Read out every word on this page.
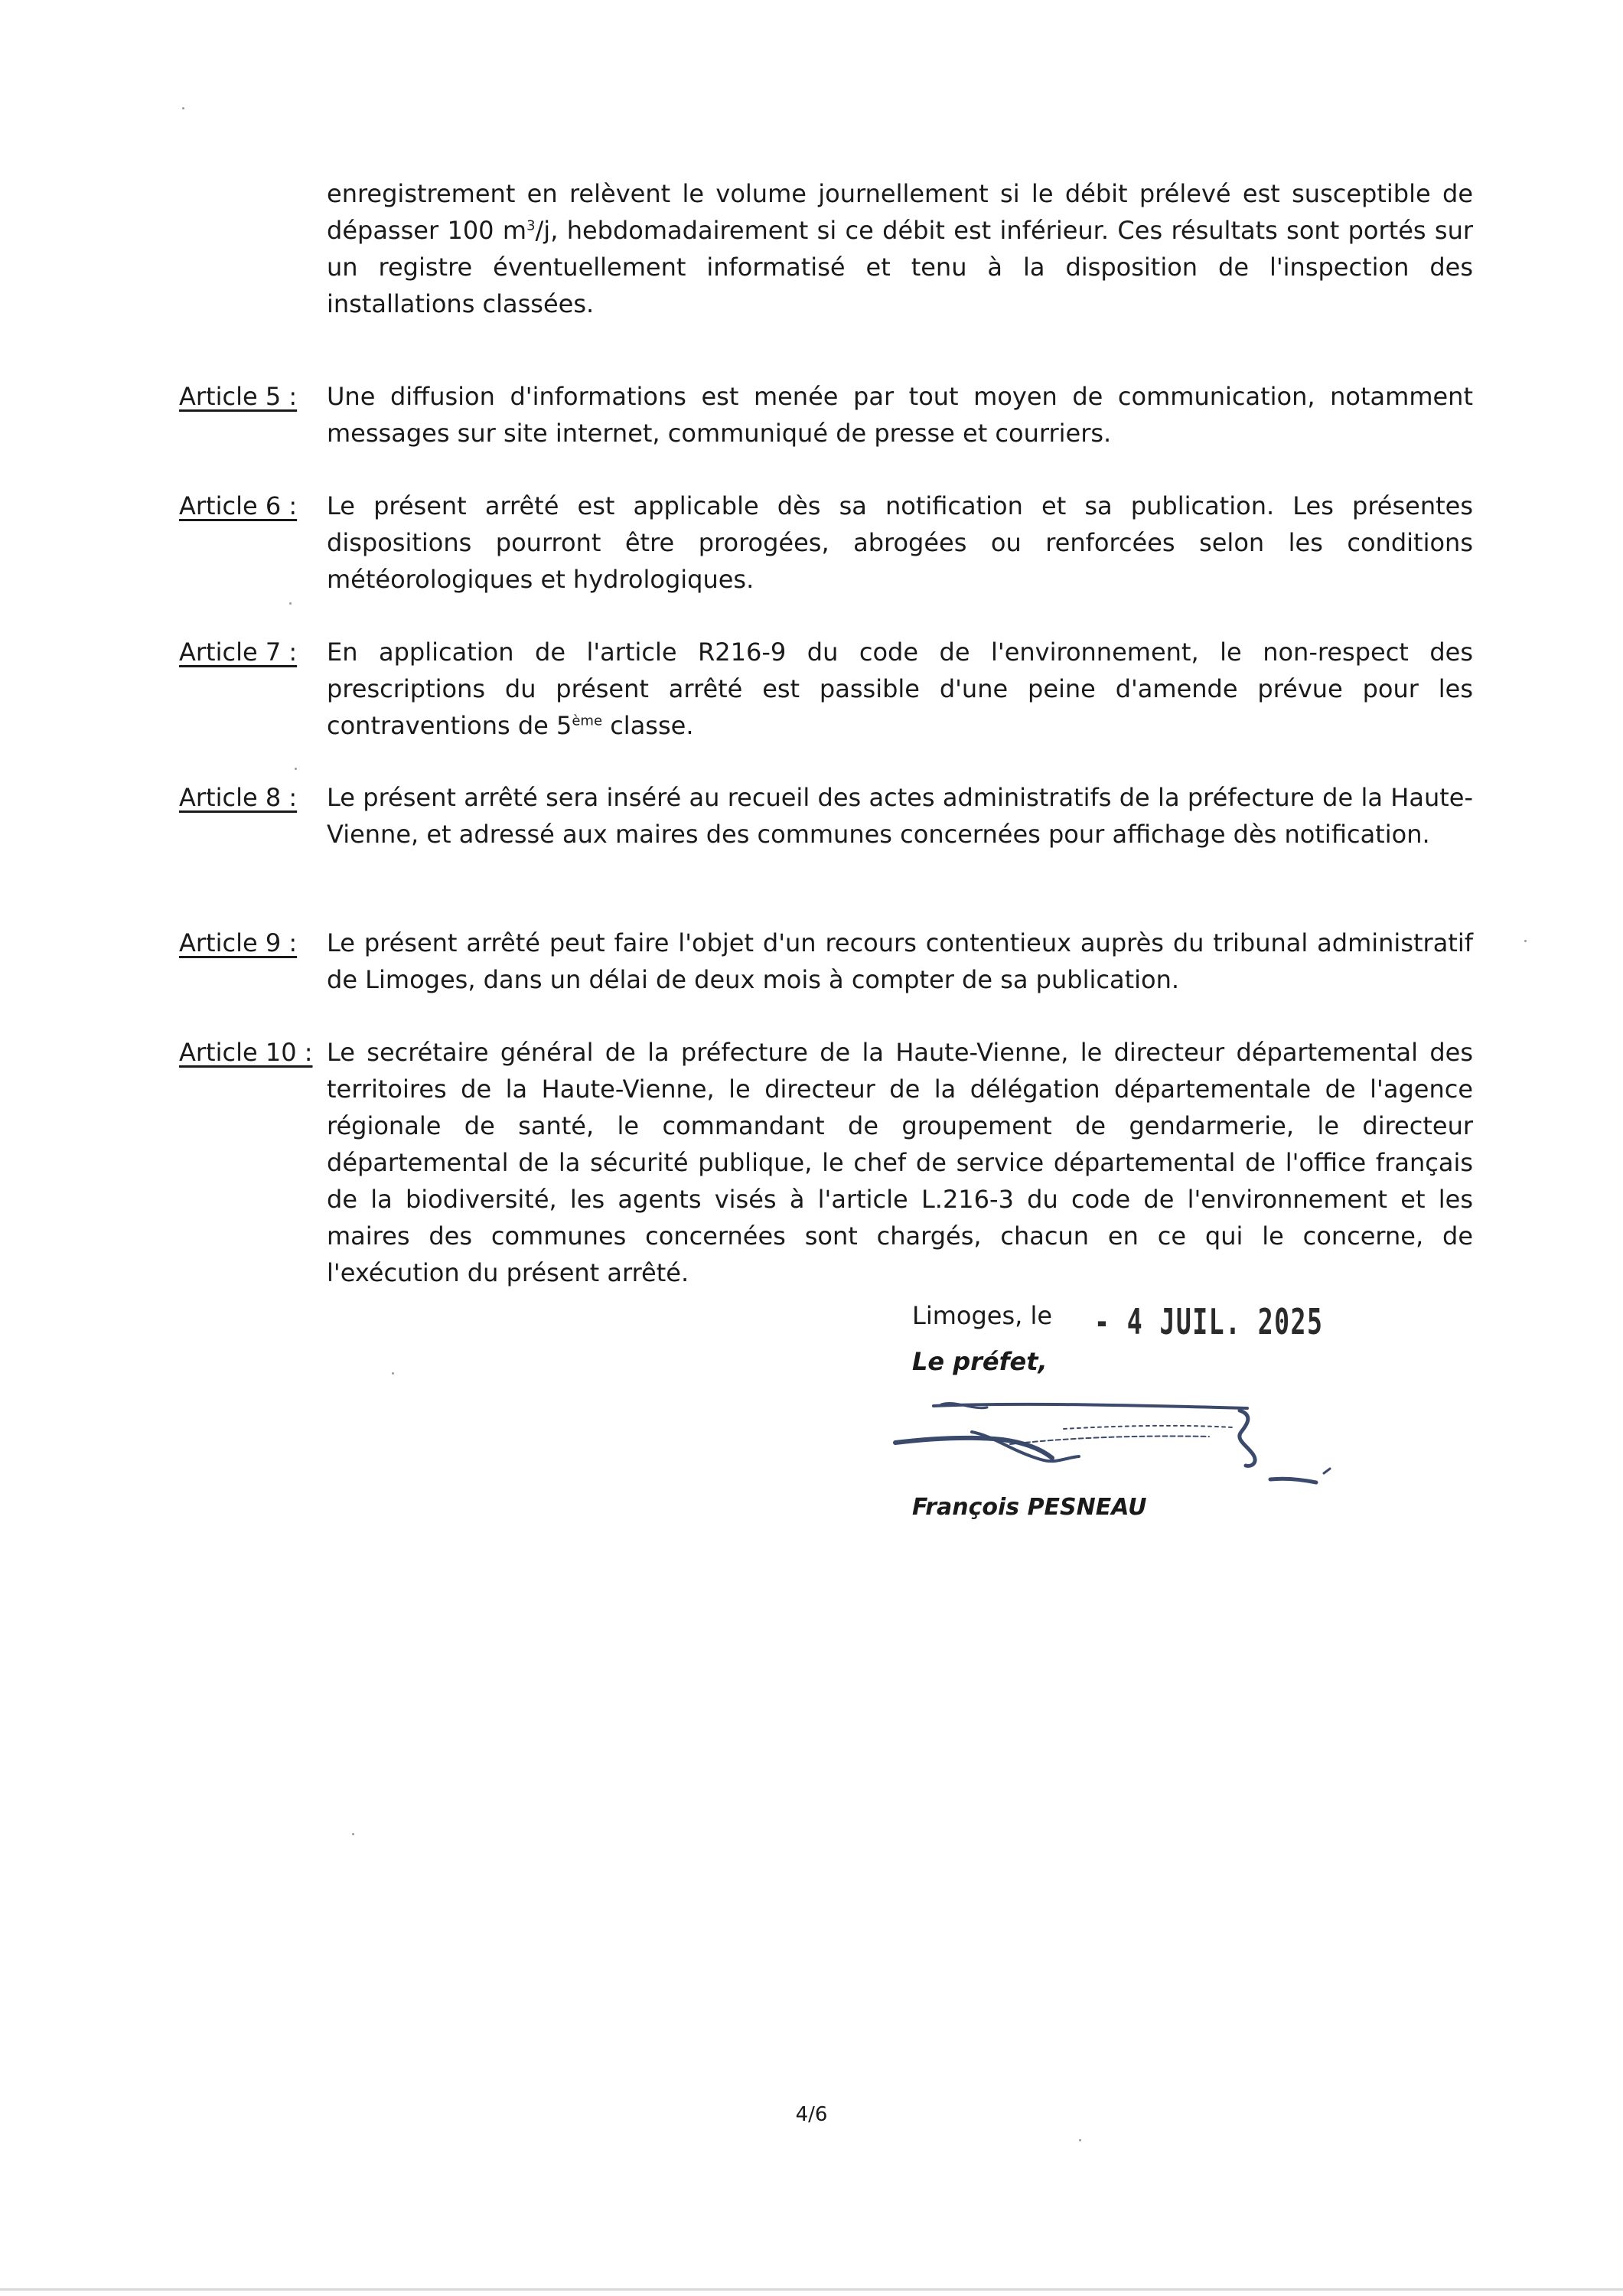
enregistrement en relèvent le volume journellement si le débit prélevé est susceptible de dépasser 100 $m^3/j$, hebdomadairement si ce débit est inférieur. Ces résultats sont portés sur un registre éventuellement informatisé et tenu à la disposition de l'inspection des installations classées.

Article 5 : Une diffusion d'informations est menée par tout moyen de communication, notamment messages sur site internet, communiqué de presse et courriers.

Article 6 : Le présent arrêté est applicable dès sa notification et sa publication. Les présentes dispositions pourront être prorogées, abrogées ou renforcées selon les conditions météorologiques et hydrologiques.

Article 7 : En application de l'article R216-9 du code de l'environnement, le non-respect des prescriptions du présent arrêté est passible d'une peine d'amende prévue pour les contraventions de 5ème classe.

Article 8 : Le présent arrêté sera inséré au recueil des actes administratifs de la préfecture de la Haute-Vienne, et adressé aux maires des communes concernées pour affichage dès notification.

Article 9 : Le présent arrêté peut faire l'objet d'un recours contentieux auprès du tribunal administratif de Limoges, dans un délai de deux mois à compter de sa publication.

Article 10 : Le secrétaire général de la préfecture de la Haute-Vienne, le directeur départemental des territoires de la Haute-Vienne, le directeur de la délégation départementale de l'agence régionale de santé, le commandant de groupement de gendarmerie, le directeur départemental de la sécurité publique, le chef de service départemental de l'office français de la biodiversité, les agents visés à l'article L.216-3 du code de l'environnement et les maires des communes concernées sont chargés, chacun en ce qui le concerne, de l'exécution du présent arrêté.

Limoges, le - 4 JUIL. 2025
Le préfet,
François PESNEAU
4/6
